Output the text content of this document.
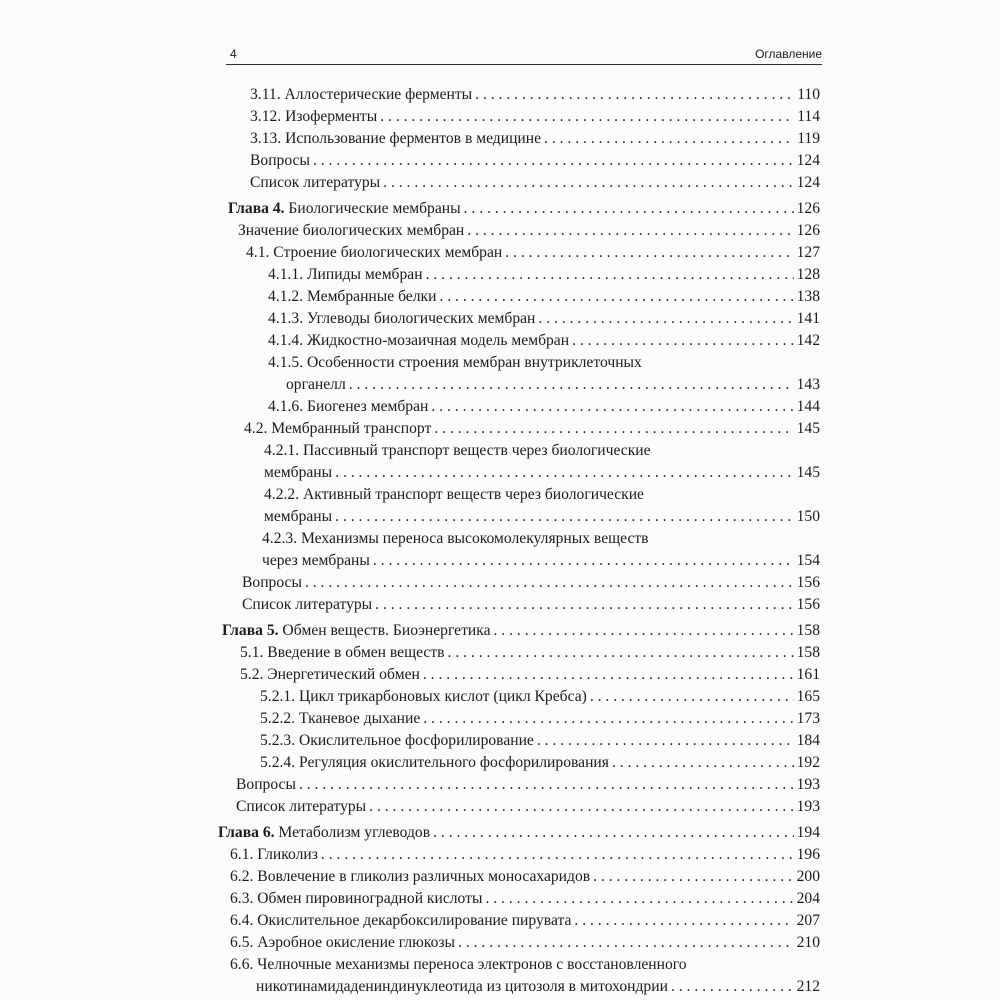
4	Оглавление
3.11. Аллостерические ферменты . . .	110
3.12. Изоферменты . . .	114
3.13. Использование ферментов в медицине . . .	119
Вопросы . . .	124
Список литературы . . .	124
Глава 4. Биологические мембраны . . .	126
Значение биологических мембран . . .	126
4.1. Строение биологических мембран . . .	127
4.1.1. Липиды мембран . . .	128
4.1.2. Мембранные белки . . .	138
4.1.3. Углеводы биологических мембран . . .	141
4.1.4. Жидкостно-мозаичная модель мембран . . .	142
4.1.5. Особенности строения мембран внутриклеточных
органелл . . .	143
4.1.6. Биогенез мембран . . .	144
4.2. Мембранный транспорт . . .	145
4.2.1. Пассивный транспорт веществ через биологические
мембраны . . .	145
4.2.2. Активный транспорт веществ через биологические
мембраны . . .	150
4.2.3. Механизмы переноса высокомолекулярных веществ
через мембраны . . .	154
Вопросы . . .	156
Список литературы . . .	156
Глава 5. Обмен веществ. Биоэнергетика . . .	158
5.1. Введение в обмен веществ . . .	158
5.2. Энергетический обмен . . .	161
5.2.1. Цикл трикарбоновых кислот (цикл Кребса) . . .	165
5.2.2. Тканевое дыхание . . .	173
5.2.3. Окислительное фосфорилирование . . .	184
5.2.4. Регуляция окислительного фосфорилирования . . .	192
Вопросы . . .	193
Список литературы . . .	193
Глава 6. Метаболизм углеводов . . .	194
6.1. Гликолиз . . .	196
6.2. Вовлечение в гликолиз различных моносахаридов . . .	200
6.3. Обмен пировиноградной кислоты . . .	204
6.4. Окислительное декарбоксилирование пирувата . . .	207
6.5. Аэробное окисление глюкозы . . .	210
6.6. Челночные механизмы переноса электронов с восстановленного
никотинамидадениндинуклеотида из цитозоля в митохондрии . . .	212
